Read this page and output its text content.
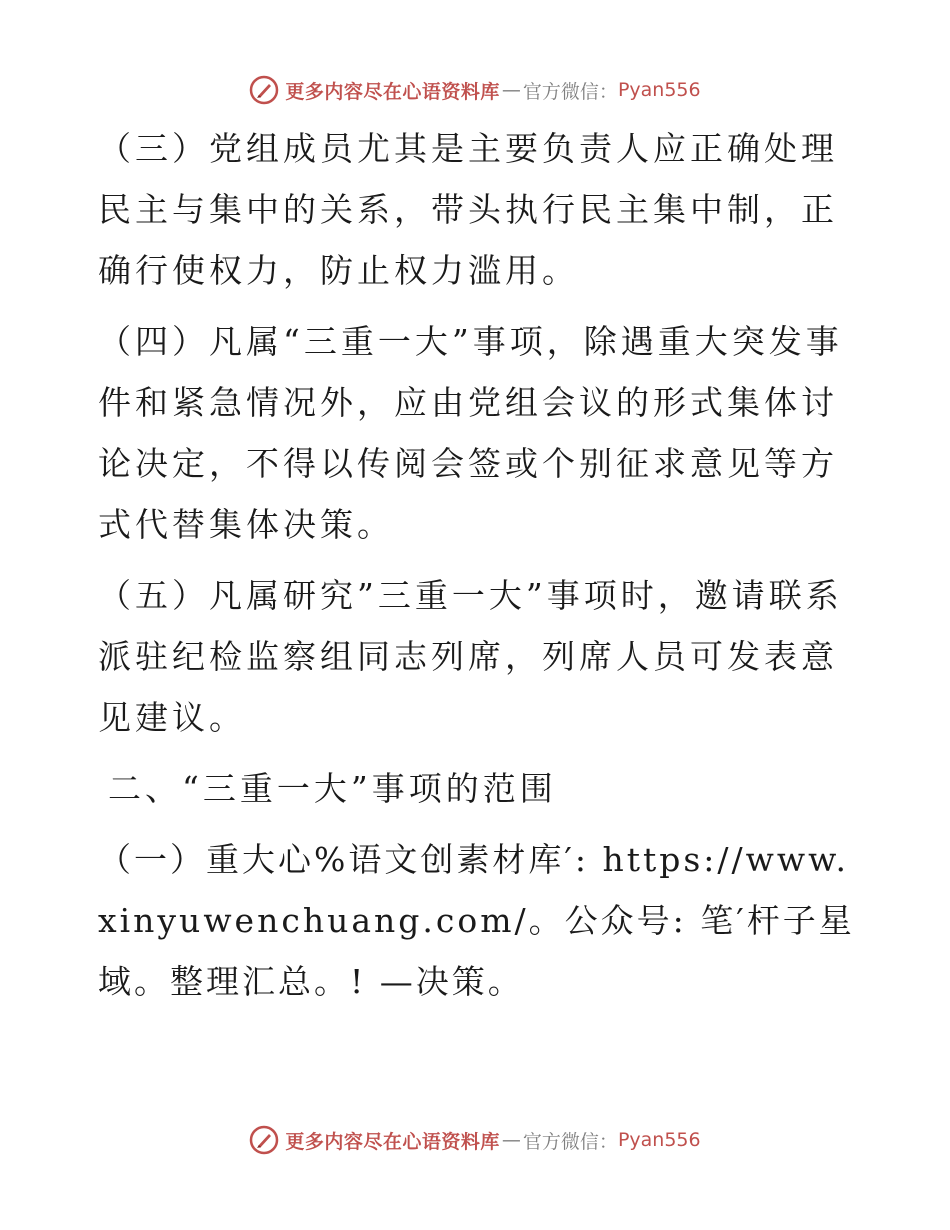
更多内容尽在心语资料库 — 官方微信： Pyan556

（三）党组成员尤其是主要负责人应正确处理民主与集中的关系，带头执行民主集中制，正确行使权力，防止权力滥用。

（四）凡属“三重一大”事项，除遇重大突发事件和紧急情况外，应由党组会议的形式集体讨论决定，不得以传阅会签或个别征求意见等方式代替集体决策。

（五）凡属研究”三重一大”事项时，邀请联系派驻纪检监察组同志列席，列席人员可发表意见建议。

二、“三重一大”事项的范围

（一）重大心%语文创素材库′: https://www.xinyuwenchuang.com/。公众号: 笔′杆子星域。整理汇总。! —决策。

更多内容尽在心语资料库 — 官方微信： Pyan556
